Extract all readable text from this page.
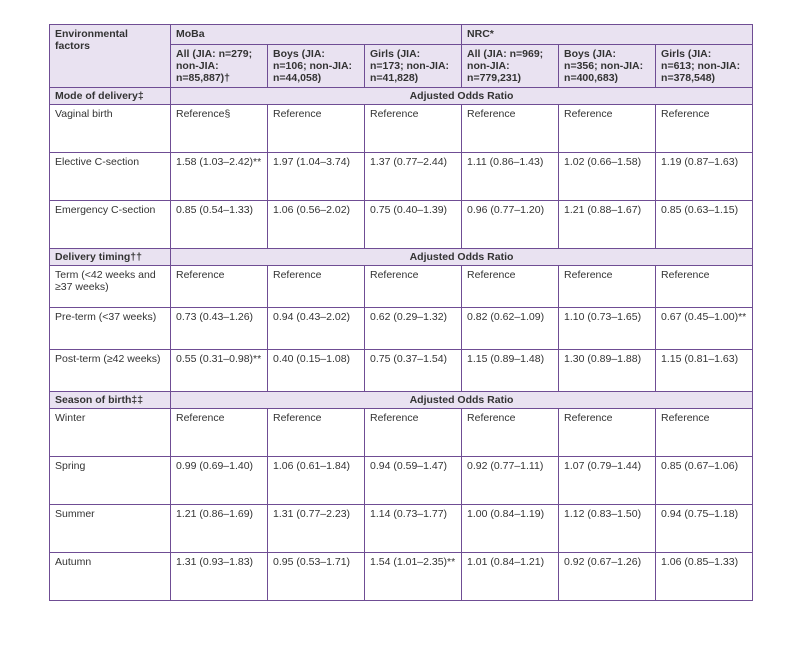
Environmental factors	MoBa			NRC*		
	All (JIA: n=279; non-JIA: n=85,887)†	Boys (JIA: n=106; non-JIA: n=44,058)	Girls (JIA: n=173; non-JIA: n=41,828)	All (JIA: n=969; non-JIA: n=779,231)	Boys (JIA: n=356; non-JIA: n=400,683)	Girls (JIA: n=613; non-JIA: n=378,548)
Mode of delivery‡	Adjusted Odds Ratio					
Vaginal birth	Reference§	Reference	Reference	Reference	Reference	Reference
Elective C-section	1.58 (1.03–2.42)**	1.97 (1.04–3.74)	1.37 (0.77–2.44)	1.11 (0.86–1.43)	1.02 (0.66–1.58)	1.19 (0.87–1.63)
Emergency C-section	0.85 (0.54–1.33)	1.06 (0.56–2.02)	0.75 (0.40–1.39)	0.96 (0.77–1.20)	1.21 (0.88–1.67)	0.85 (0.63–1.15)
Delivery timing††	Adjusted Odds Ratio					
Term (<42 weeks and ≥37 weeks)	Reference	Reference	Reference	Reference	Reference	Reference
Pre-term (<37 weeks)	0.73 (0.43–1.26)	0.94 (0.43–2.02)	0.62 (0.29–1.32)	0.82 (0.62–1.09)	1.10 (0.73–1.65)	0.67 (0.45–1.00)**
Post-term (≥42 weeks)	0.55 (0.31–0.98)**	0.40 (0.15–1.08)	0.75 (0.37–1.54)	1.15 (0.89–1.48)	1.30 (0.89–1.88)	1.15 (0.81–1.63)
Season of birth‡‡	Adjusted Odds Ratio					
Winter	Reference	Reference	Reference	Reference	Reference	Reference
Spring	0.99 (0.69–1.40)	1.06 (0.61–1.84)	0.94 (0.59–1.47)	0.92 (0.77–1.11)	1.07 (0.79–1.44)	0.85 (0.67–1.06)
Summer	1.21 (0.86–1.69)	1.31 (0.77–2.23)	1.14 (0.73–1.77)	1.00 (0.84–1.19)	1.12 (0.83–1.50)	0.94 (0.75–1.18)
Autumn	1.31 (0.93–1.83)	0.95 (0.53–1.71)	1.54 (1.01–2.35)**	1.01 (0.84–1.21)	0.92 (0.67–1.26)	1.06 (0.85–1.33)
